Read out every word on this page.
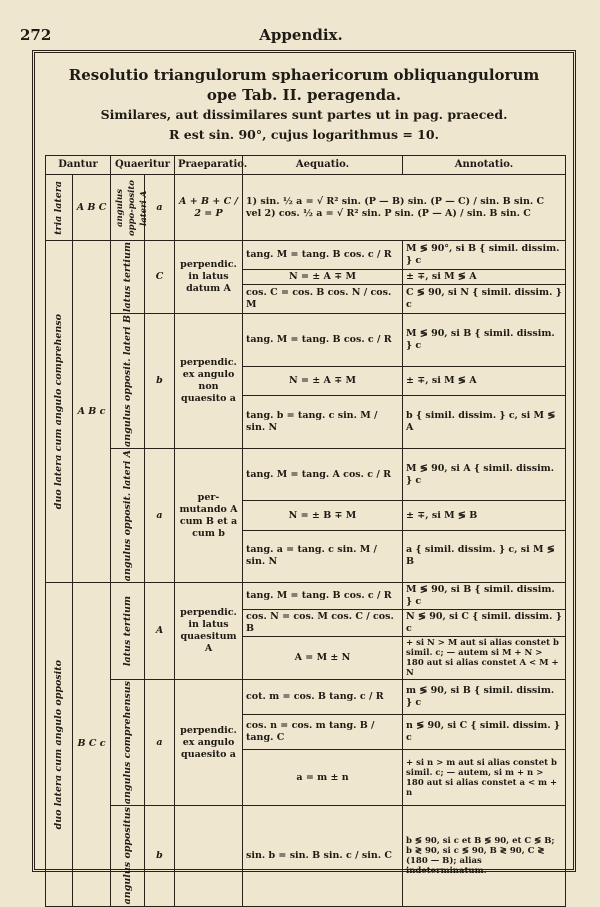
272	Appendix.
Resolutio triangulorum sphaericorum obliquangulorum
ope Tab. II. peragenda.
Similares, aut dissimilares sunt partes ut in pag. praeced.
R est sin. 90°, cujus logarithmus = 10.
Dantur		Quaeritur		Praeparatio.	Aequatio.	Annotatio.

tria latera	A B C	angulus oppo-posito lateri A	a	A + B + C / 2 = P	1) sin. ½ a = √ R² sin. (P — B) sin. (P — C) / sin. B sin. C vel 2) cos. ½ a = √ R² sin. P sin. (P — A) / sin. B sin. C	

duo latera cum angulo comprehenso	A B c	latus tertium	C	perpendic. in latus datum A	tang. M = tang. B cos. c / R	M ≶ 90°, si B { simil. dissim. } c
					N = ± A ∓ M	± ∓, si M ≶ A
					cos. C = cos. B cos. N / cos. M	C ≶ 90, si N { simil. dissim. } c

		angulus opposit. lateri B	b	perpendic. ex angulo non quaesito a	tang. M = tang. B cos. c / R	M ≶ 90, si B { simil. dissim. } c
					N = ± A ∓ M	± ∓, si M ≶ A
					tang. b = tang. c sin. M / sin. N	b { simil. dissim. } c, si M ≶ A

		angulus opposit. lateri A	a	per-mutando A cum B et a cum b	tang. M = tang. A cos. c / R	M ≶ 90, si A { simil. dissim. } c
					N = ± B ∓ M	± ∓, si M ≶ B
					tang. a = tang. c sin. M / sin. N	a { simil. dissim. } c, si M ≶ B

duo latera cum angulo opposito	B C c	latus tertium	A	perpendic. in latus quaesitum A	tang. M = tang. B cos. c / R	M ≶ 90, si B { simil. dissim. } c
					cos. N = cos. M cos. C / cos. B	N ≶ 90, si C { simil. dissim. } c
					A = M ± N	+ si N > M aut si alias constet b simil. c; — autem si M + N > 180 aut si alias constet A < M + N

		angulus comprehensus	a	perpendic. ex angulo quaesito a	cot. m = cos. B tang. c / R	m ≶ 90, si B { simil. dissim. } c
					cos. n = cos. m tang. B / tang. C	n ≶ 90, si C { simil. dissim. } c
					a = m ± n	+ si n > m aut si alias constet b simil. c; — autem, si m + n > 180 aut si alias constet a < m + n

		angulus oppositus	b		sin. b = sin. B sin. c / sin. C	b ≶ 90, si c et B ≶ 90, et C ≶ B; b ≷ 90, si c ≶ 90, B ≷ 90, C ≷ (180 — B); alias indeterminatum.
